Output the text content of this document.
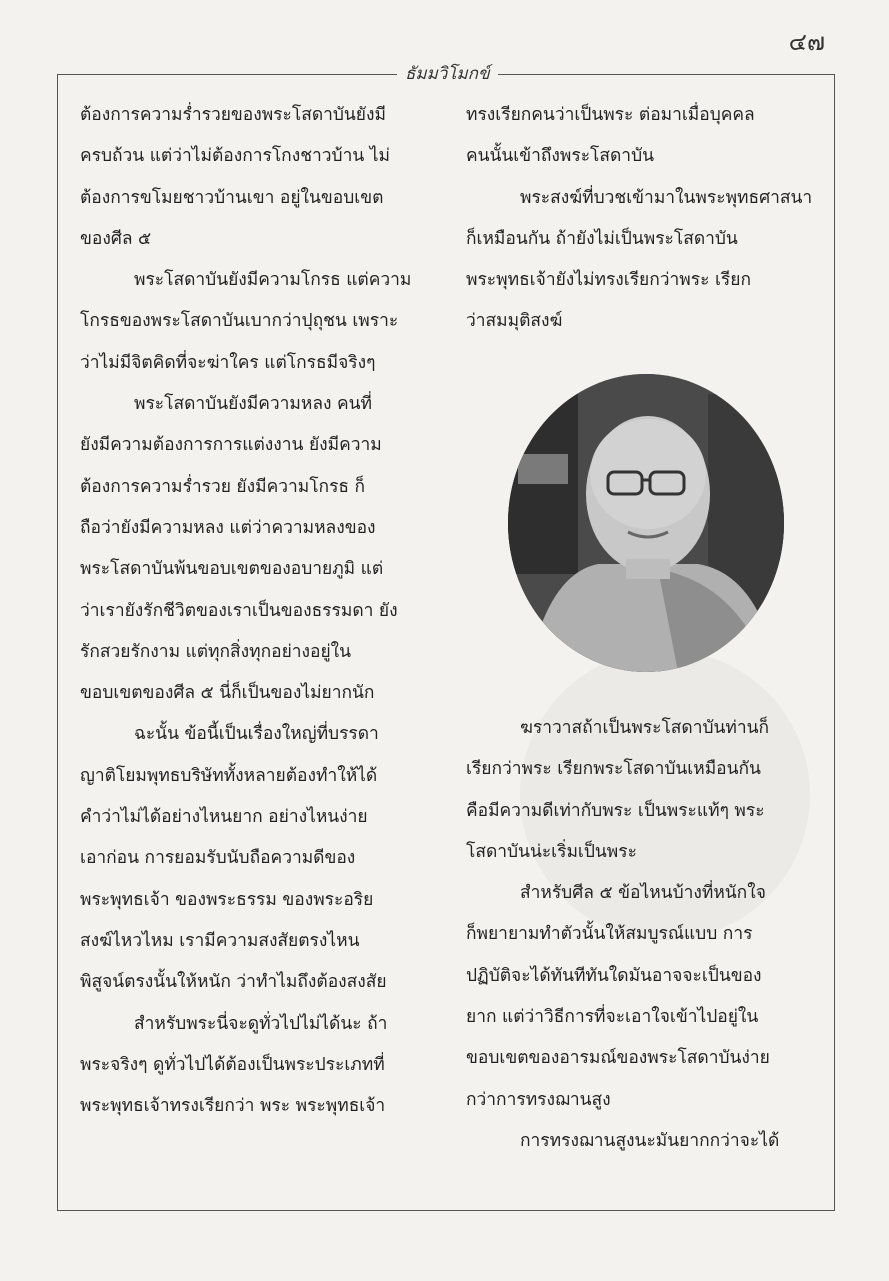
๔๗
ธัมมวิโมกข์
ต้องการความร่ำรวยของพระโสดาบันยังมี
ครบถ้วน แต่ว่าไม่ต้องการโกงชาวบ้าน ไม่
ต้องการขโมยชาวบ้านเขา อยู่ในขอบเขต
ของศีล ๕
พระโสดาบันยังมีความโกรธ แต่ความ
โกรธของพระโสดาบันเบากว่าปุถุชน เพราะ
ว่าไม่มีจิตคิดที่จะฆ่าใคร แต่โกรธมีจริงๆ
พระโสดาบันยังมีความหลง คนที่
ยังมีความต้องการการแต่งงาน ยังมีความ
ต้องการความร่ำรวย ยังมีความโกรธ ก็
ถือว่ายังมีความหลง แต่ว่าความหลงของ
พระโสดาบันพ้นขอบเขตของอบายภูมิ แต่
ว่าเรายังรักชีวิตของเราเป็นของธรรมดา ยัง
รักสวยรักงาม แต่ทุกสิ่งทุกอย่างอยู่ใน
ขอบเขตของศีล ๕ นี่ก็เป็นของไม่ยากนัก
ฉะนั้น ข้อนี้เป็นเรื่องใหญ่ที่บรรดา
ญาติโยมพุทธบริษัททั้งหลายต้องทำให้ได้
คำว่าไม่ได้อย่างไหนยาก อย่างไหนง่าย
เอาก่อน การยอมรับนับถือความดีของ
พระพุทธเจ้า ของพระธรรม ของพระอริย
สงฆ์ไหวไหม เรามีความสงสัยตรงไหน
พิสูจน์ตรงนั้นให้หนัก ว่าทำไมถึงต้องสงสัย
สำหรับพระนี่จะดูทั่วไปไม่ได้นะ ถ้า
พระจริงๆ ดูทั่วไปได้ต้องเป็นพระประเภทที่
พระพุทธเจ้าทรงเรียกว่า พระ พระพุทธเจ้า
ทรงเรียกคนว่าเป็นพระ ต่อมาเมื่อบุคคล
คนนั้นเข้าถึงพระโสดาบัน
พระสงฆ์ที่บวชเข้ามาในพระพุทธศาสนา
ก็เหมือนกัน ถ้ายังไม่เป็นพระโสดาบัน
พระพุทธเจ้ายังไม่ทรงเรียกว่าพระ เรียก
ว่าสมมุติสงฆ์
ฆราวาสถ้าเป็นพระโสดาบันท่านก็
เรียกว่าพระ เรียกพระโสดาบันเหมือนกัน
คือมีความดีเท่ากับพระ เป็นพระแท้ๆ พระ
โสดาบันน่ะเริ่มเป็นพระ
สำหรับศีล ๕ ข้อไหนบ้างที่หนักใจ
ก็พยายามทำตัวนั้นให้สมบูรณ์แบบ การ
ปฏิบัติจะได้ทันทีทันใดมันอาจจะเป็นของ
ยาก แต่ว่าวิธีการที่จะเอาใจเข้าไปอยู่ใน
ขอบเขตของอารมณ์ของพระโสดาบันง่าย
กว่าการทรงฌานสูง
การทรงฌานสูงนะมันยากกว่าจะได้
